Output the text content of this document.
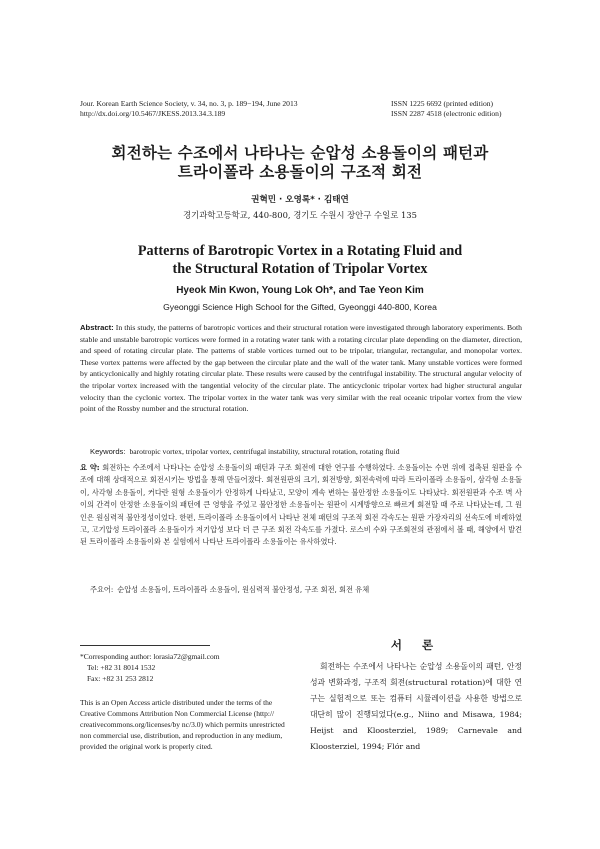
Jour. Korean Earth Science Society, v. 34, no. 3, p. 189−194, June 2013
http://dx.doi.org/10.5467/JKESS.2013.34.3.189
ISSN 1225 6692 (printed edition)
ISSN 2287 4518 (electronic edition)
회전하는 수조에서 나타나는 순압성 소용돌이의 패턴과
트라이폴라 소용돌이의 구조적 회전
권혁민 · 오영록* · 김태연
경기과학고등학교, 440-800, 경기도 수원시 장안구 수일로 135
Patterns of Barotropic Vortex in a Rotating Fluid and
the Structural Rotation of Tripolar Vortex
Hyeok Min Kwon, Young Lok Oh*, and Tae Yeon Kim
Gyeonggi Science High School for the Gifted, Gyeonggi 440-800, Korea
Abstract: In this study, the patterns of barotropic vortices and their structural rotation were investigated through laboratory experiments. Both stable and unstable barotropic vortices were formed in a rotating water tank with a rotating circular plate depending on the diameter, direction, and speed of rotating circular plate. The patterns of stable vortices turned out to be tripolar, triangular, rectangular, and monopolar vortex. These vortex patterns were affected by the gap between the circular plate and the wall of the water tank. Many unstable vortices were formed by anticyclonically and highly rotating circular plate. These results were caused by the centrifugal instability. The structural angular velocity of the tripolar vortex increased with the tangential velocity of the circular plate. The anticyclonic tripolar vortex had higher structural angular velocity than the cyclonic vortex. The tripolar vortex in the water tank was very similar with the real oceanic tripolar vortex from the view point of the Rossby number and the structural rotation.
Keywords: barotropic vortex, tripolar vortex, centrifugal instability, structural rotation, rotating fluid
요 약: 회전하는 수조에서 나타나는 순압성 소용돌이의 패턴과 구조 회전에 대한 연구를 수행하였다. 소용돌이는 수면 위에 접촉된 원판을 수조에 대해 상대적으로 회전시키는 방법을 통해 만들어졌다. 회전원판의 크기, 회전방향, 회전속력에 따라 트라이폴라 소용돌이, 삼각형 소용돌이, 사각형 소용돌이, 커다란 원형 소용돌이가 안정하게 나타났고, 모양이 계속 변하는 불안정한 소용돌이도 나타났다. 회전원판과 수조 벽 사이의 간격이 안정한 소용돌이의 패턴에 큰 영향을 주었고 불안정한 소용돌이는 원판이 시계방향으로 빠르게 회전할 때 주로 나타났는데, 그 원인은 원심력적 불안정성이었다. 한편, 트라이폴라 소용돌이에서 나타난 전체 패턴의 구조적 회전 각속도는 원판 가장자리의 선속도에 비례하였고, 고기압성 트라이폴라 소용돌이가 저기압성 보다 더 큰 구조 회전 각속도를 가졌다. 로스비 수와 구조회전의 관점에서 볼 때, 해양에서 발견된 트라이폴라 소용돌이와 본 실험에서 나타난 트라이폴라 소용돌이는 유사하였다.
주요어: 순압성 소용돌이, 트라이폴라 소용돌이, 원심력적 불안정성, 구조 회전, 회전 유체
*Corresponding author: lorasia72@gmail.com
Tel: +82 31 8014 1532
Fax: +82 31 253 2812
This is an Open Access article distributed under the terms of the Creative Commons Attribution Non Commercial License (http:// creativecommons.org/licenses/by nc/3.0) which permits unrestricted non commercial use, distribution, and reproduction in any medium, provided the original work is properly cited.
서 론
회전하는 수조에서 나타나는 순압성 소용돌이의 패턴, 안정성과 변화과정, 구조적 회전(structural rotation)에 대한 연구는 실험적으로 또는 컴퓨터 시뮬레이션을 사용한 방법으로 대단히 많이 진행되었다(e.g., Niino and Misawa, 1984; Heijst and Kloosterziel, 1989; Carnevale and Kloosterziel, 1994; Flór and
